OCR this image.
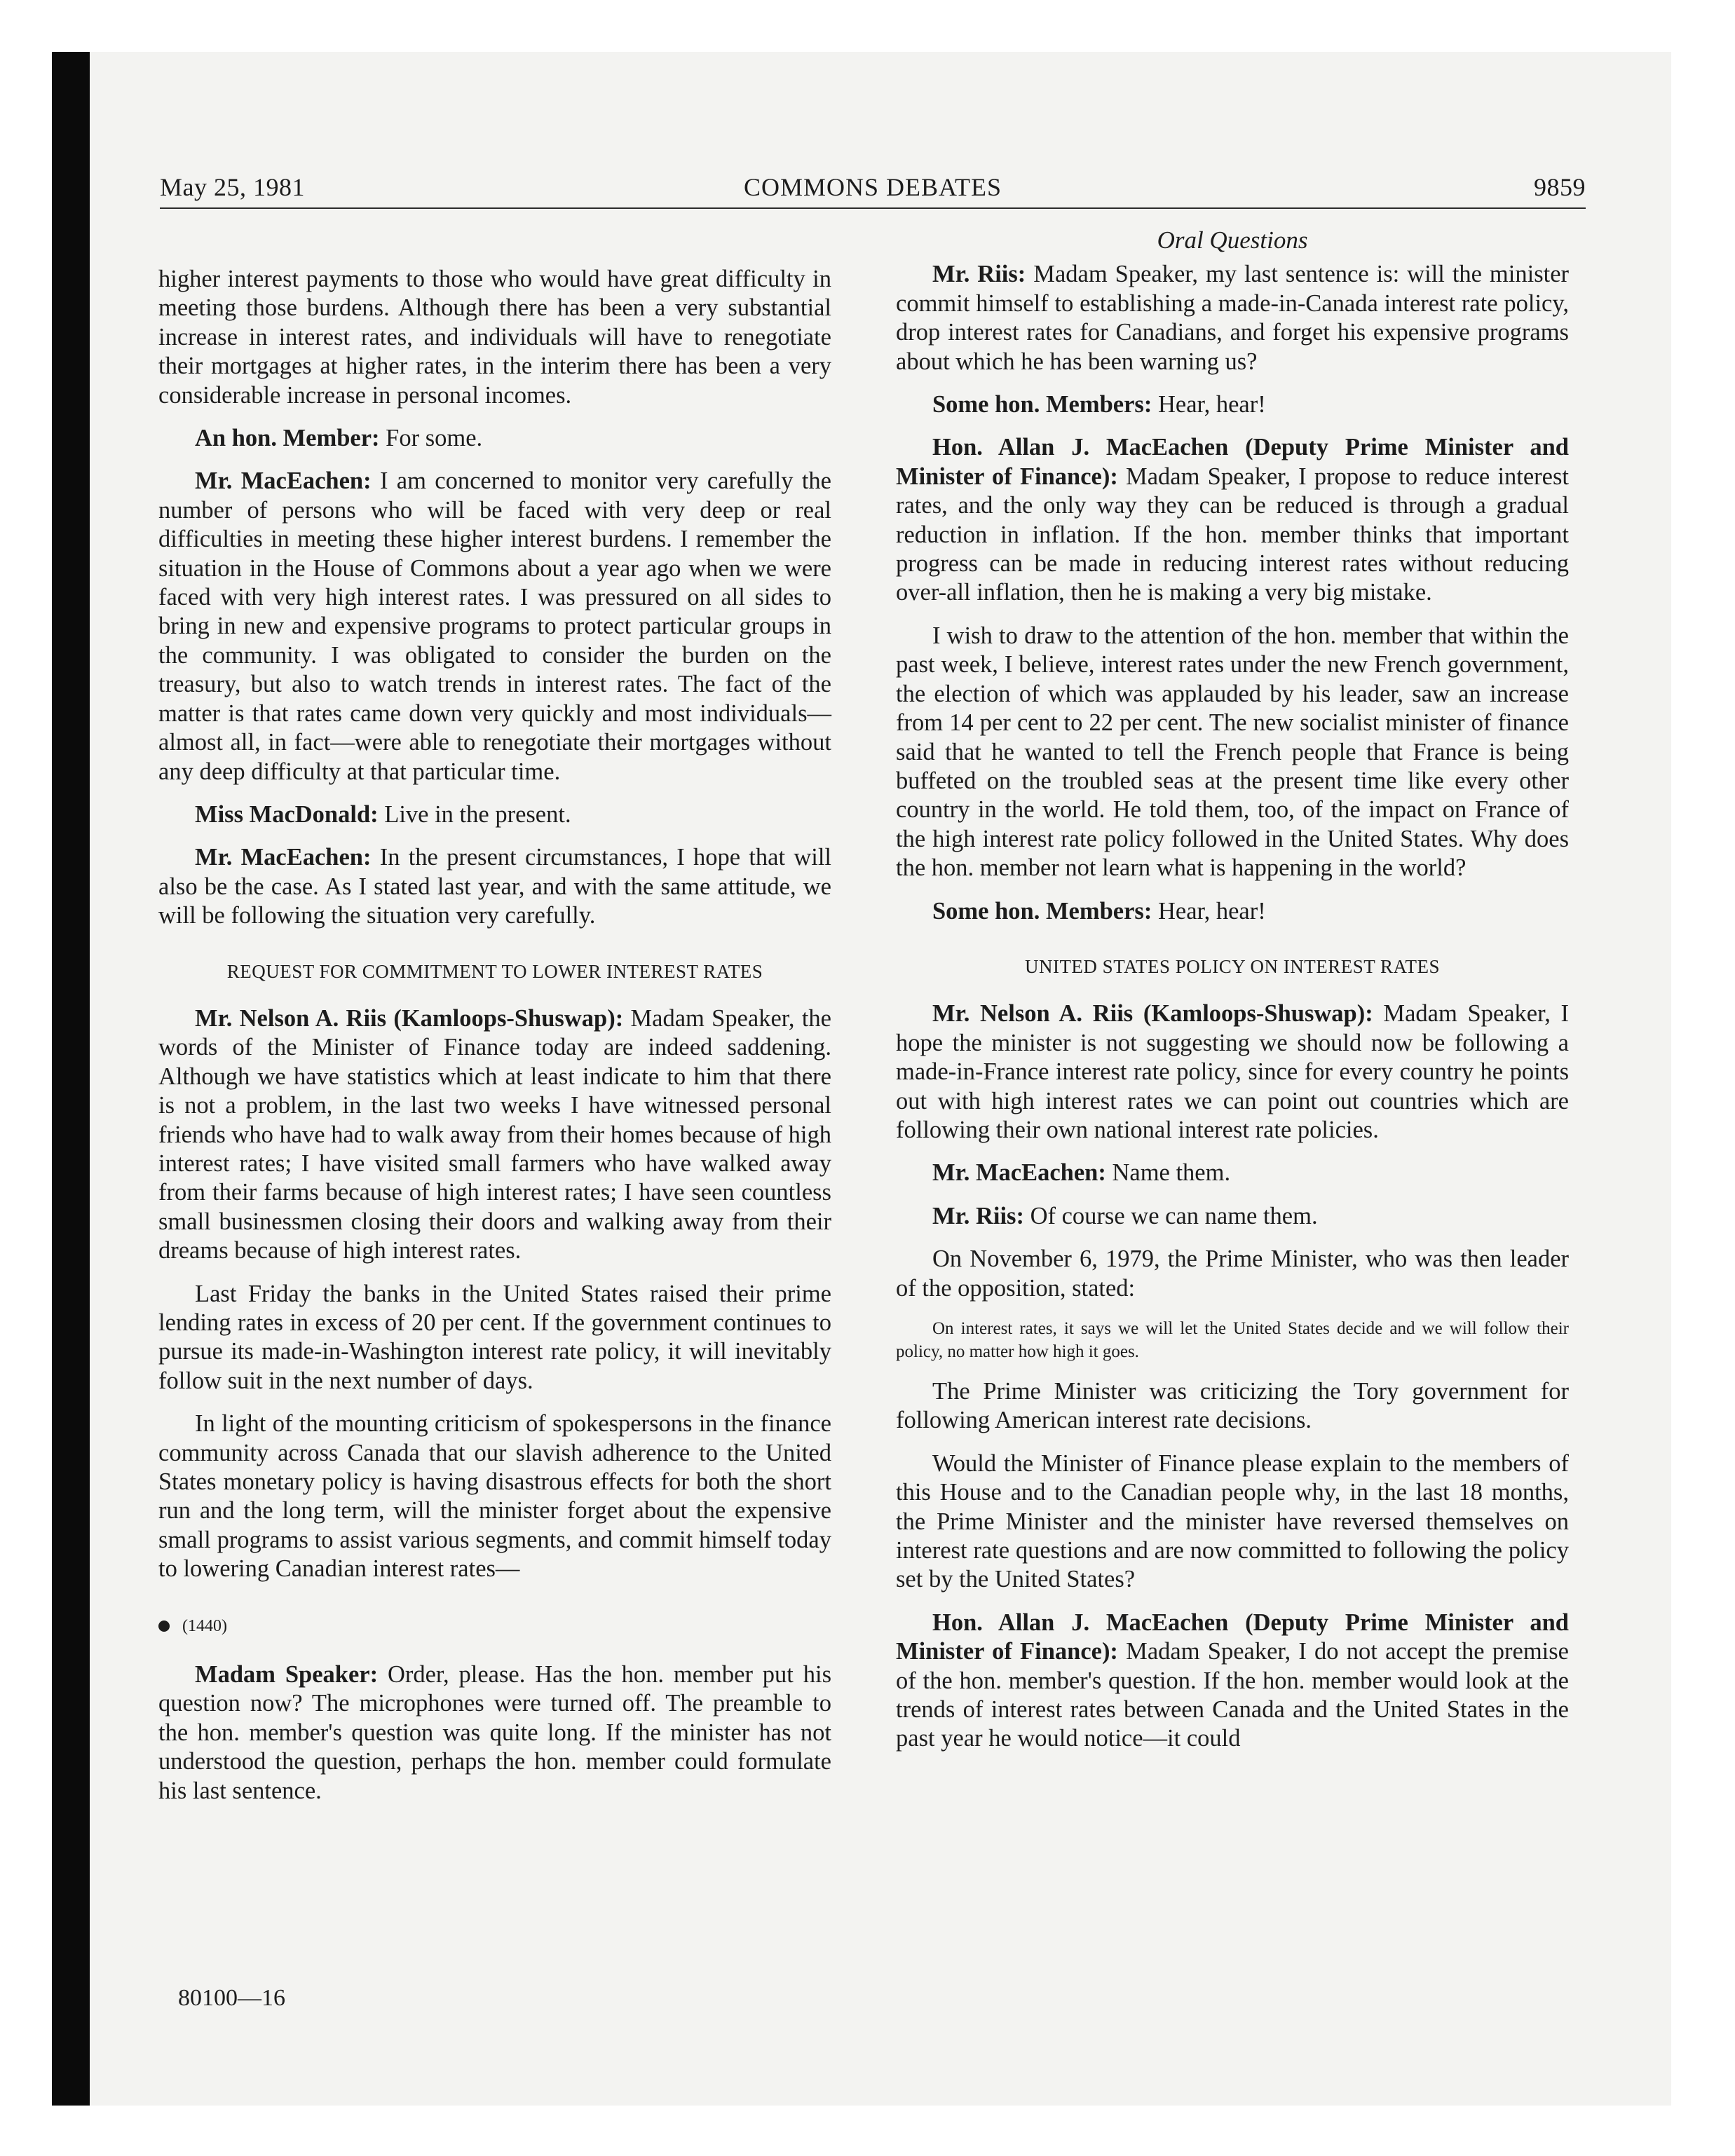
May 25, 1981	COMMONS DEBATES	9859

higher interest payments to those who would have great difficulty in meeting those burdens. Although there has been a very substantial increase in interest rates, and individuals will have to renegotiate their mortgages at higher rates, in the interim there has been a very considerable increase in personal incomes.

An hon. Member: For some.

Mr. MacEachen: I am concerned to monitor very carefully the number of persons who will be faced with very deep or real difficulties in meeting these higher interest burdens. I remember the situation in the House of Commons about a year ago when we were faced with very high interest rates. I was pressured on all sides to bring in new and expensive programs to protect particular groups in the community. I was obligated to consider the burden on the treasury, but also to watch trends in interest rates. The fact of the matter is that rates came down very quickly and most individuals—almost all, in fact—were able to renegotiate their mortgages without any deep difficulty at that particular time.

Miss MacDonald: Live in the present.

Mr. MacEachen: In the present circumstances, I hope that will also be the case. As I stated last year, and with the same attitude, we will be following the situation very carefully.

REQUEST FOR COMMITMENT TO LOWER INTEREST RATES

Mr. Nelson A. Riis (Kamloops-Shuswap): Madam Speaker, the words of the Minister of Finance today are indeed saddening. Although we have statistics which at least indicate to him that there is not a problem, in the last two weeks I have witnessed personal friends who have had to walk away from their homes because of high interest rates; I have visited small farmers who have walked away from their farms because of high interest rates; I have seen countless small businessmen closing their doors and walking away from their dreams because of high interest rates.

Last Friday the banks in the United States raised their prime lending rates in excess of 20 per cent. If the government continues to pursue its made-in-Washington interest rate policy, it will inevitably follow suit in the next number of days.

In light of the mounting criticism of spokespersons in the finance community across Canada that our slavish adherence to the United States monetary policy is having disastrous effects for both the short run and the long term, will the minister forget about the expensive small programs to assist various segments, and commit himself today to lowering Canadian interest rates—

(1440)

Madam Speaker: Order, please. Has the hon. member put his question now? The microphones were turned off. The preamble to the hon. member's question was quite long. If the minister has not understood the question, perhaps the hon. member could formulate his last sentence.

Oral Questions

Mr. Riis: Madam Speaker, my last sentence is: will the minister commit himself to establishing a made-in-Canada interest rate policy, drop interest rates for Canadians, and forget his expensive programs about which he has been warning us?

Some hon. Members: Hear, hear!

Hon. Allan J. MacEachen (Deputy Prime Minister and Minister of Finance): Madam Speaker, I propose to reduce interest rates, and the only way they can be reduced is through a gradual reduction in inflation. If the hon. member thinks that important progress can be made in reducing interest rates without reducing over-all inflation, then he is making a very big mistake.

I wish to draw to the attention of the hon. member that within the past week, I believe, interest rates under the new French government, the election of which was applauded by his leader, saw an increase from 14 per cent to 22 per cent. The new socialist minister of finance said that he wanted to tell the French people that France is being buffeted on the troubled seas at the present time like every other country in the world. He told them, too, of the impact on France of the high interest rate policy followed in the United States. Why does the hon. member not learn what is happening in the world?

Some hon. Members: Hear, hear!

UNITED STATES POLICY ON INTEREST RATES

Mr. Nelson A. Riis (Kamloops-Shuswap): Madam Speaker, I hope the minister is not suggesting we should now be following a made-in-France interest rate policy, since for every country he points out with high interest rates we can point out countries which are following their own national interest rate policies.

Mr. MacEachen: Name them.

Mr. Riis: Of course we can name them.

On November 6, 1979, the Prime Minister, who was then leader of the opposition, stated:

On interest rates, it says we will let the United States decide and we will follow their policy, no matter how high it goes.

The Prime Minister was criticizing the Tory government for following American interest rate decisions.

Would the Minister of Finance please explain to the members of this House and to the Canadian people why, in the last 18 months, the Prime Minister and the minister have reversed themselves on interest rate questions and are now committed to following the policy set by the United States?

Hon. Allan J. MacEachen (Deputy Prime Minister and Minister of Finance): Madam Speaker, I do not accept the premise of the hon. member's question. If the hon. member would look at the trends of interest rates between Canada and the United States in the past year he would notice—it could

80100—16
